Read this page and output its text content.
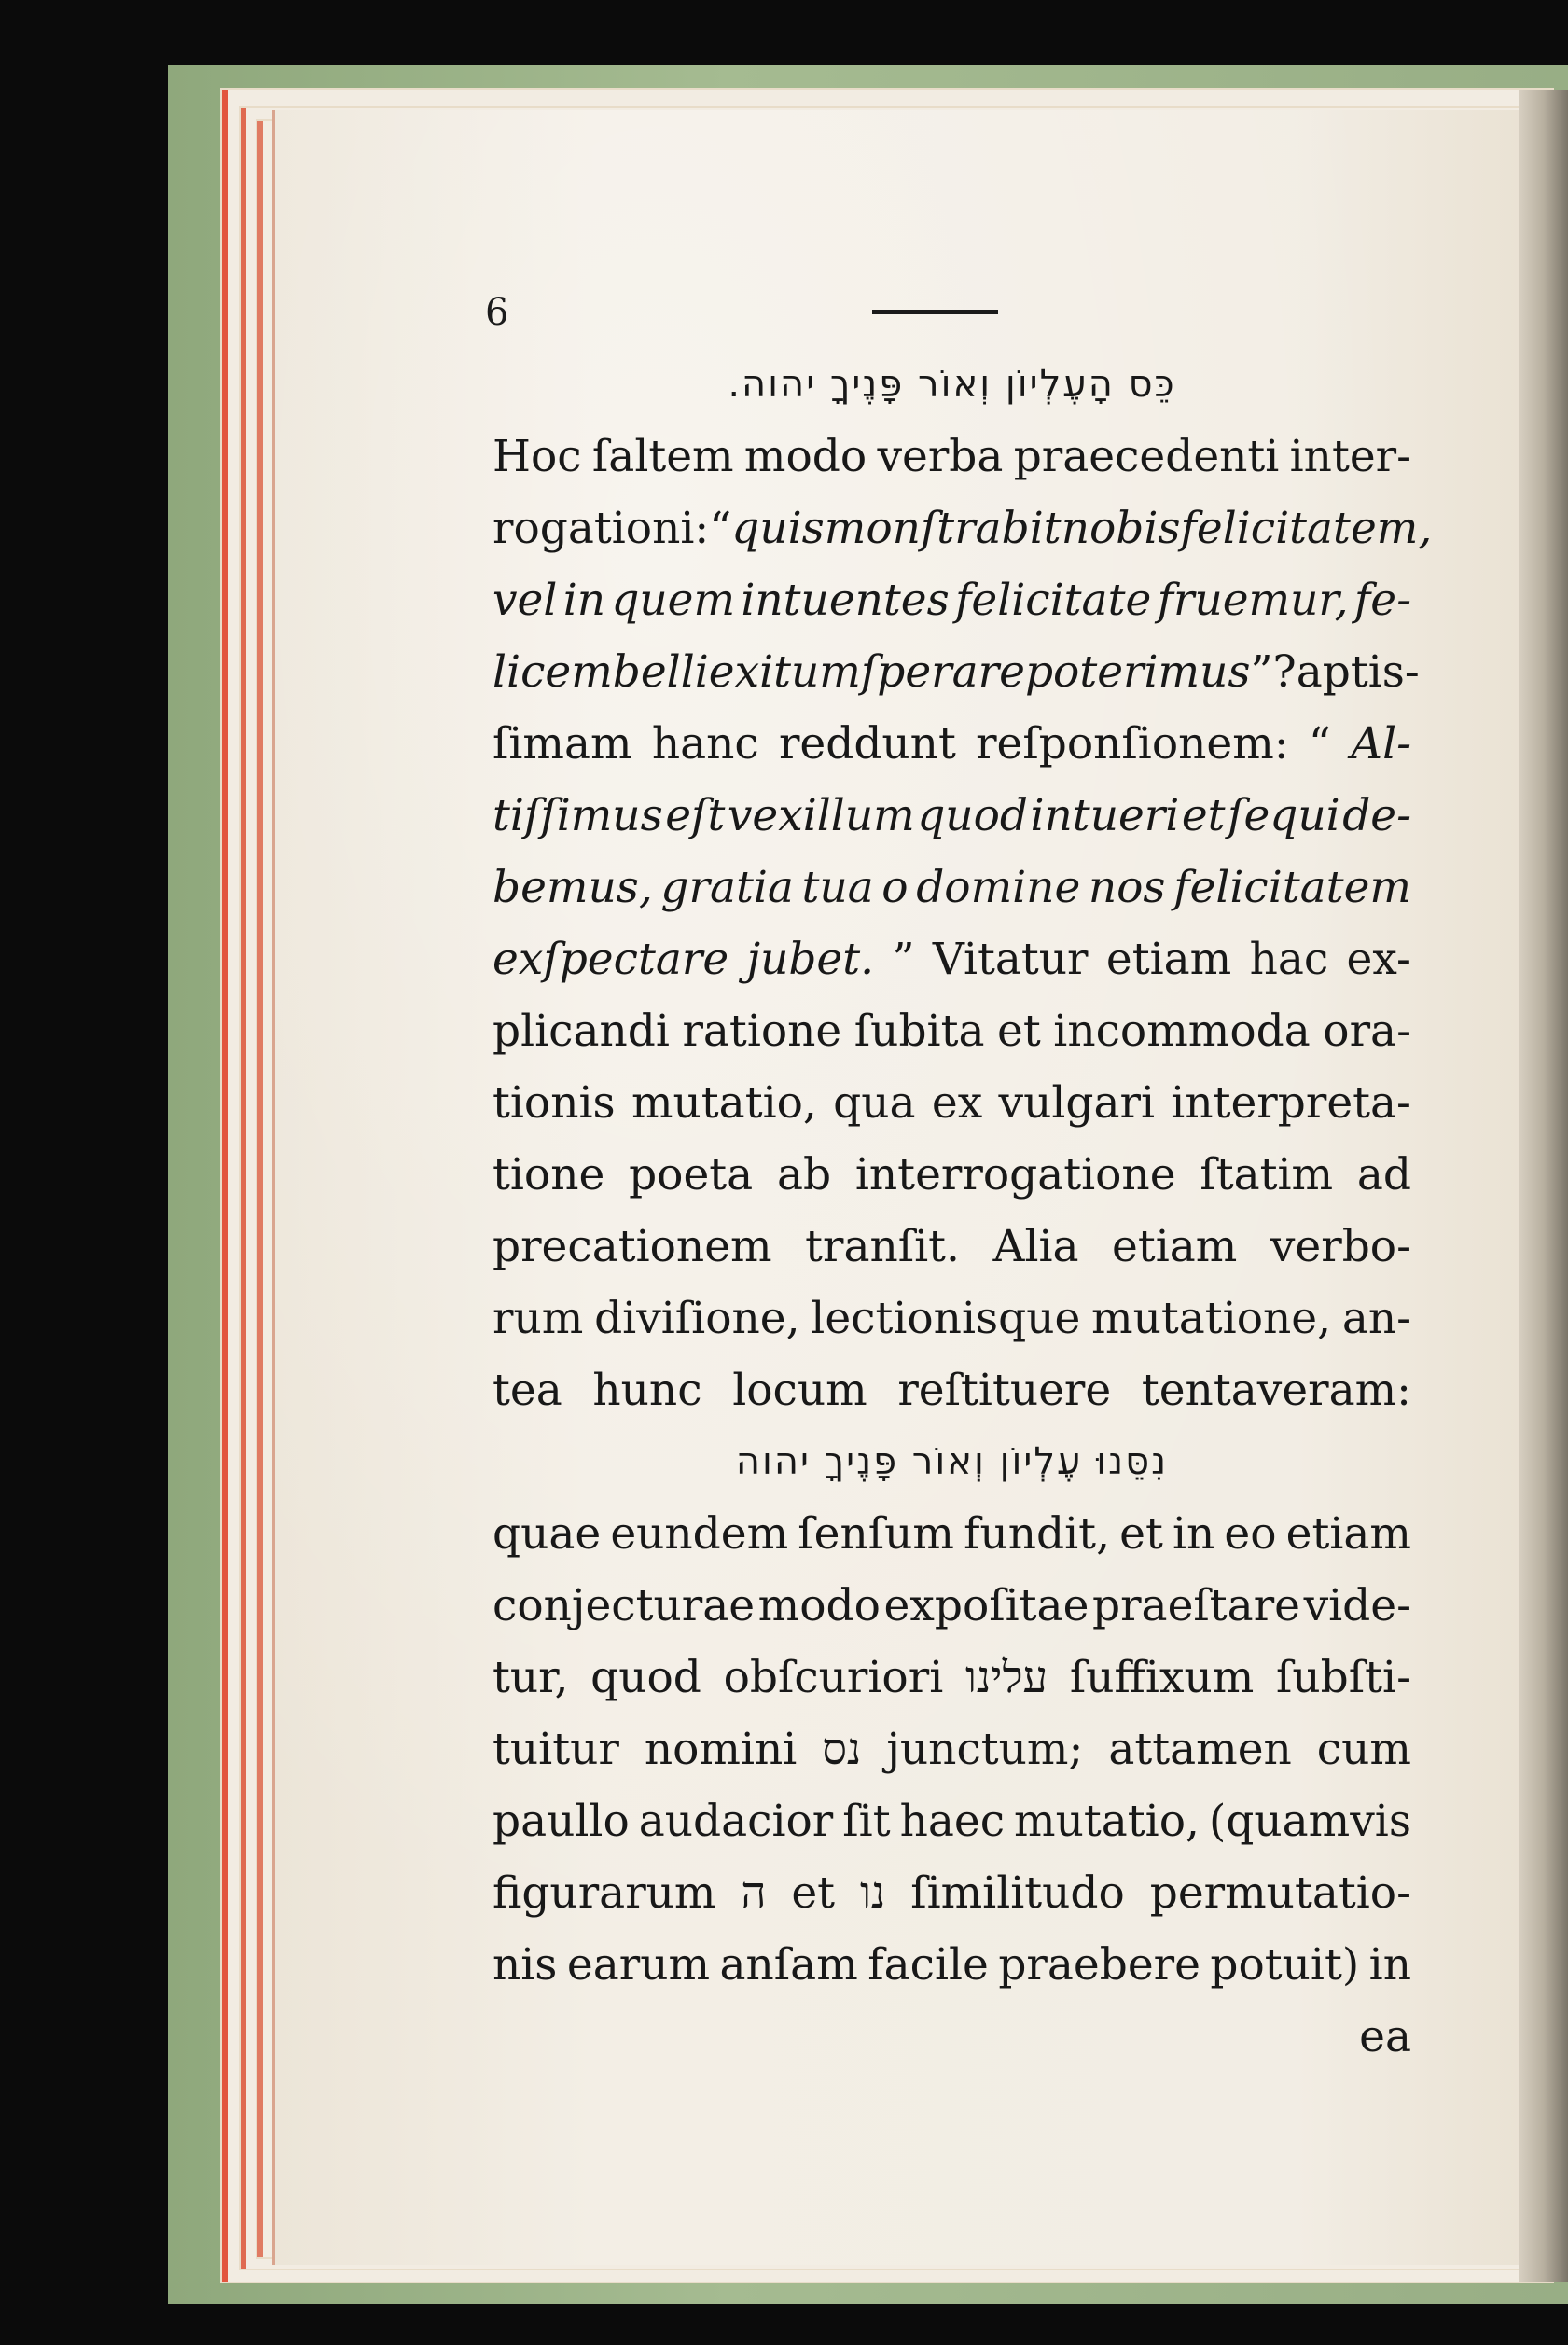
6
כֵּס הָעֶלְיוֹן וְאוֹר פָּנֶיךָ יהוה.
Hoc ſaltem modo verba praecedenti inter-
rogationi: “ quis monſtrabit nobis felicitatem,
vel in quem intuentes felicitate fruemur, fe-
licem belli exitum ſperare poterimus ”? aptis-
ſimam hanc reddunt reſponſionem: “ Al-
tiſſimus eſt vexillum quod intueri et ſequi de-
bemus, gratia tua o domine nos felicitatem
exſpectare jubet. ” Vitatur etiam hac ex-
plicandi ratione ſubita et incommoda ora-
tionis mutatio, qua ex vulgari interpreta-
tione poeta ab interrogatione ſtatim ad
precationem tranſit. Alia etiam verbo-
rum diviſione, lectionisque mutatione, an-
tea hunc locum reſtituere tentaveram:
נִסֵּנוּ עֶלְיוֹן וְאוֹר פָּנֶיךָ יהוה
quae eundem ſenſum fundit, et in eo etiam
conjecturae modo expoſitae praeſtare vide-
tur, quod obſcuriori עלינו ſuffixum ſubſti-
tuitur nomini נס junctum; attamen cum
paullo audacior ſit haec mutatio, (quamvis
figurarum ה et נו ſimilitudo permutatio-
nis earum anſam facile praebere potuit) in
ea
